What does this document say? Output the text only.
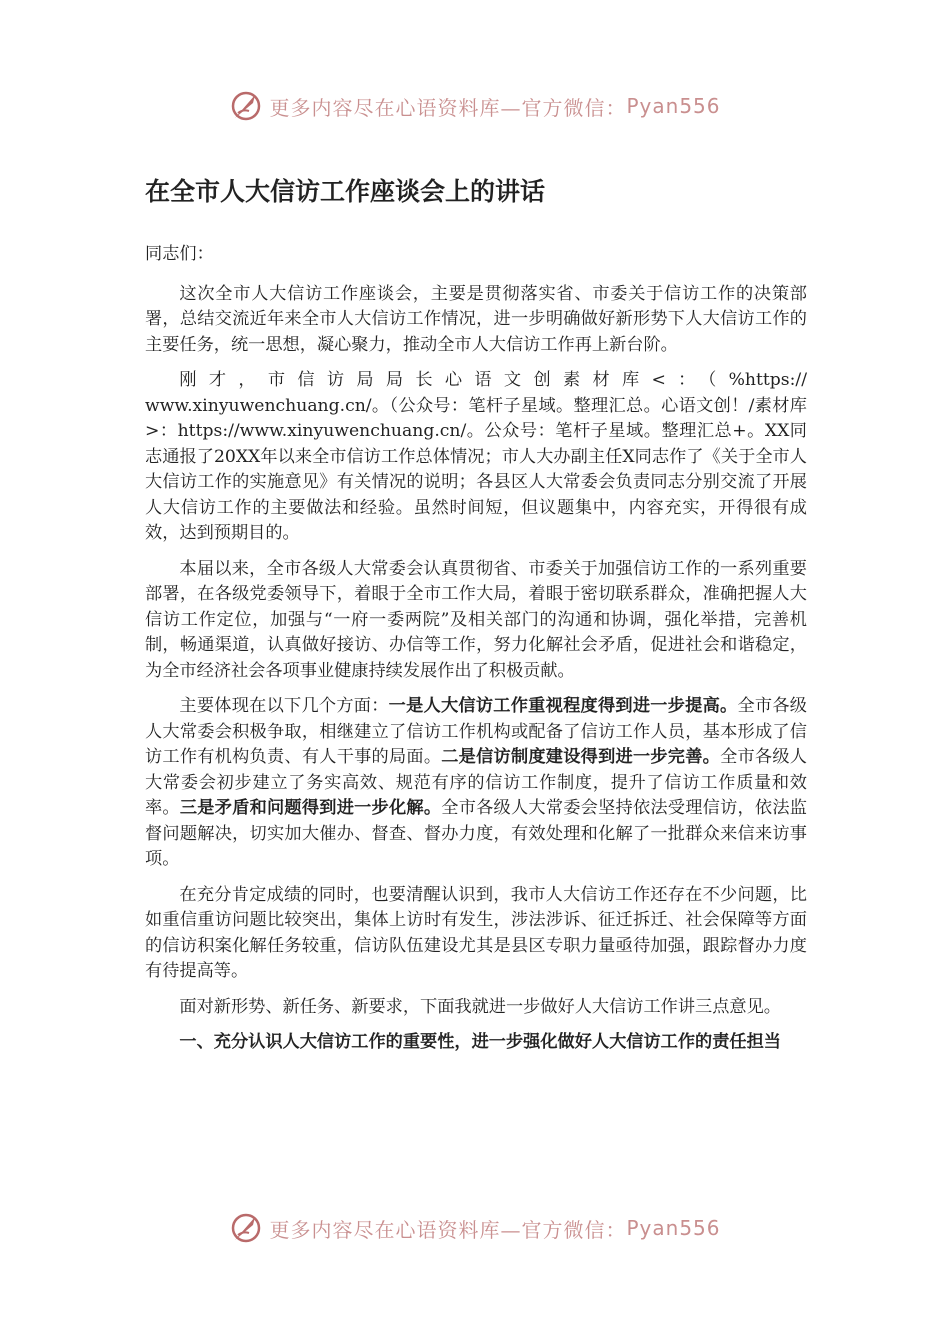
更多内容尽在心语资料库—官方微信： Pyan556
在全市人大信访工作座谈会上的讲话

同志们：

这次全市人大信访工作座谈会，主要是贯彻落实省、市委关于信访工作的决策部署，总结交流近年来全市人大信访工作情况，进一步明确做好新形势下人大信访工作的主要任务，统一思想，凝心聚力，推动全市人大信访工作再上新台阶。

刚才，市信访局局长心语文创素材库<：（%https://

www.xinyuwenchuang.cn/。（公众号：笔杆子星域。整理汇总。心语文创！/素材库>：https://www.xinyuwenchuang.cn/。公众号：笔杆子星域。整理汇总+。XX同志通报了20XX年以来全市信访工作总体情况；市人大办副主任X同志作了《关于全市人大信访工作的实施意见》有关情况的说明；各县区人大常委会负责同志分别交流了开展人大信访工作的主要做法和经验。虽然时间短，但议题集中，内容充实，开得很有成效，达到预期目的。

本届以来，全市各级人大常委会认真贯彻省、市委关于加强信访工作的一系列重要部署，在各级党委领导下，着眼于全市工作大局，着眼于密切联系群众，准确把握人大信访工作定位，加强与“一府一委两院”及相关部门的沟通和协调，强化举措，完善机制，畅通渠道，认真做好接访、办信等工作，努力化解社会矛盾，促进社会和谐稳定，为全市经济社会各项事业健康持续发展作出了积极贡献。

主要体现在以下几个方面：一是人大信访工作重视程度得到进一步提高。全市各级人大常委会积极争取，相继建立了信访工作机构或配备了信访工作人员，基本形成了信访工作有机构负责、有人干事的局面。二是信访制度建设得到进一步完善。全市各级人大常委会初步建立了务实高效、规范有序的信访工作制度，提升了信访工作质量和效率。三是矛盾和问题得到进一步化解。全市各级人大常委会坚持依法受理信访，依法监督问题解决，切实加大催办、督查、督办力度，有效处理和化解了一批群众来信来访事项。

在充分肯定成绩的同时，也要清醒认识到，我市人大信访工作还存在不少问题，比如重信重访问题比较突出，集体上访时有发生，涉法涉诉、征迁拆迁、社会保障等方面的信访积案化解任务较重，信访队伍建设尤其是县区专职力量亟待加强，跟踪督办力度有待提高等。

面对新形势、新任务、新要求，下面我就进一步做好人大信访工作讲三点意见。

一、充分认识人大信访工作的重要性，进一步强化做好人大信访工作的责任担当

更多内容尽在心语资料库—官方微信： Pyan556
